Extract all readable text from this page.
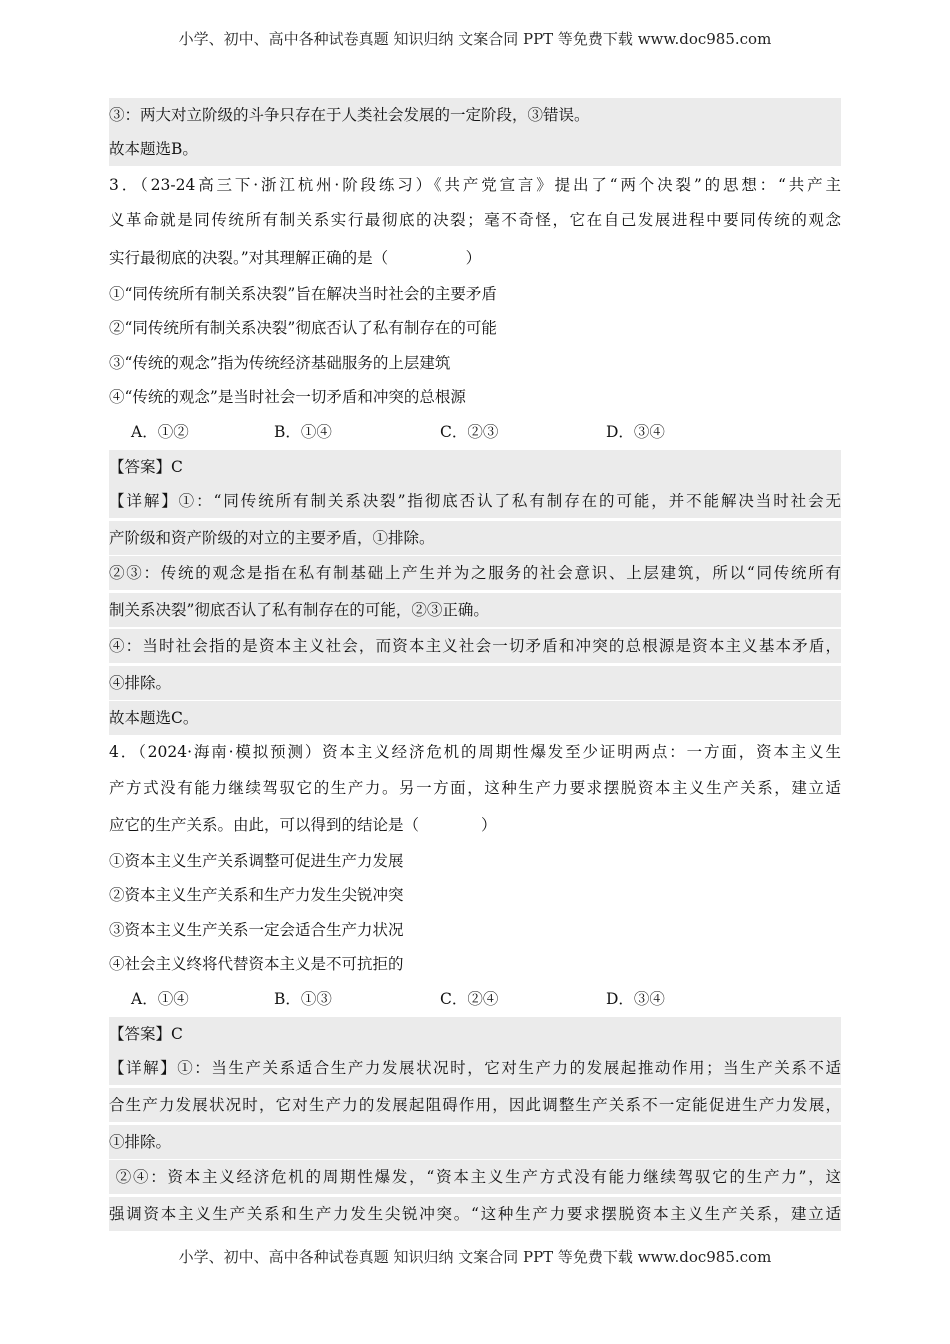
小学、初中、高中各种试卷真题 知识归纳 文案合同 PPT 等免费下载 www.doc985.com
③：两大对立阶级的斗争只存在于人类社会发展的一定阶段，③错误。
故本题选B。
3．（23-24高三下·浙江杭州·阶段练习）《共产党宣言》提出了“两个决裂”的思想：“共产主
义革命就是同传统所有制关系实行最彻底的决裂；毫不奇怪，它在自己发展进程中要同传统的观念
实行最彻底的决裂。”对其理解正确的是（　　　　　）
①“同传统所有制关系决裂”旨在解决当时社会的主要矛盾
②“同传统所有制关系决裂”彻底否认了私有制存在的可能
③“传统的观念”指为传统经济基础服务的上层建筑
④“传统的观念”是当时社会一切矛盾和冲突的总根源
A．①②	B．①④	C．②③	D．③④
【答案】C
【详解】①：“同传统所有制关系决裂”指彻底否认了私有制存在的可能，并不能解决当时社会无
产阶级和资产阶级的对立的主要矛盾，①排除。
②③：传统的观念是指在私有制基础上产生并为之服务的社会意识、上层建筑，所以“同传统所有
制关系决裂”彻底否认了私有制存在的可能，②③正确。
④：当时社会指的是资本主义社会，而资本主义社会一切矛盾和冲突的总根源是资本主义基本矛盾，
④排除。
故本题选C。
4．（2024·海南·模拟预测）资本主义经济危机的周期性爆发至少证明两点：一方面，资本主义生
产方式没有能力继续驾驭它的生产力。另一方面，这种生产力要求摆脱资本主义生产关系，建立适
应它的生产关系。由此，可以得到的结论是（　　　　）
①资本主义生产关系调整可促进生产力发展
②资本主义生产关系和生产力发生尖锐冲突
③资本主义生产关系一定会适合生产力状况
④社会主义终将代替资本主义是不可抗拒的
A．①④	B．①③	C．②④	D．③④
【答案】C
【详解】①：当生产关系适合生产力发展状况时，它对生产力的发展起推动作用；当生产关系不适
合生产力发展状况时，它对生产力的发展起阻碍作用，因此调整生产关系不一定能促进生产力发展，
①排除。
②④：资本主义经济危机的周期性爆发，“资本主义生产方式没有能力继续驾驭它的生产力”，这
强调资本主义生产关系和生产力发生尖锐冲突。“这种生产力要求摆脱资本主义生产关系，建立适
小学、初中、高中各种试卷真题 知识归纳 文案合同 PPT 等免费下载 www.doc985.com
